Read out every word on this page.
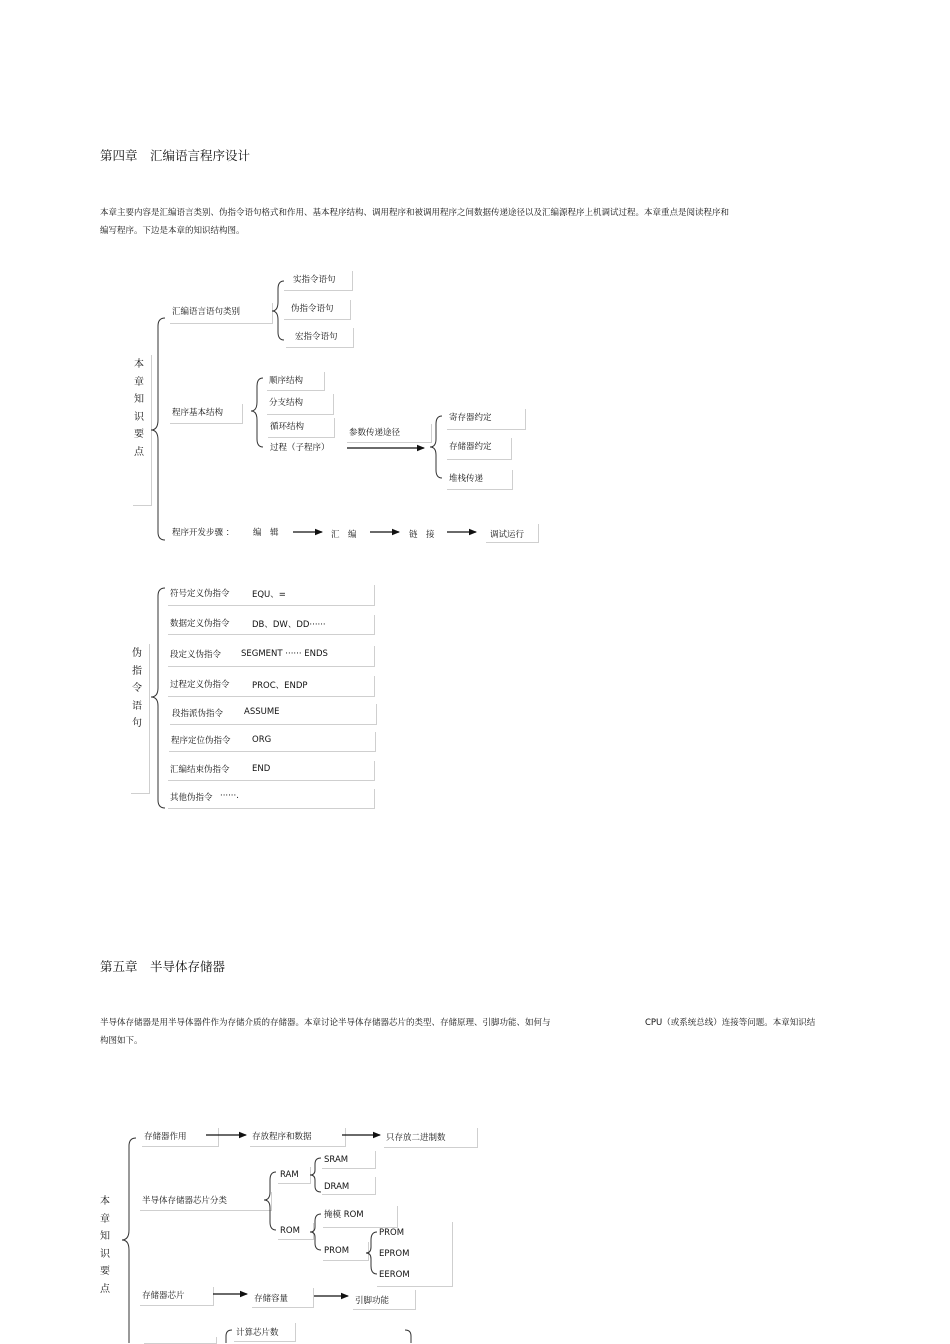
第四章　汇编语言程序设计
本章主要内容是汇编语言类别、伪指令语句格式和作用、基本程序结构、调用程序和被调用程序之间数据传递途径以及汇编源程序上机调试过程。本章重点是阅读程序和
编写程序。下边是本章的知识结构图。
本章知识要点
汇编语言语句类别
实指令语句
伪指令语句
宏指令语句
程序基本结构
顺序结构
分支结构
循环结构
过程（子程序）
参数传递途径
寄存器约定
存储器约定
堆栈传递
程序开发步骤 ： 编　辑	汇　编	链　接	调试运行
伪指令语句
符号定义伪指令	EQU、=
数据定义伪指令	DB、DW、DD······
段定义伪指令 SEGMENT ······ ENDS
过程定义伪指令	PROC、ENDP
段指派伪指令 ASSUME
程序定位伪指令	ORG
汇编结束伪指令	END
其他伪指令 ······.
第五章　半导体存储器
半导体存储器是用半导体器件作为存储介质的存储器。本章讨论半导体存储器芯片的类型、存储原理、引脚功能、如何与	CPU（或系统总线）连接等问题。本章知识结
构图如下。
本章知识要点
存储器作用	存放程序和数据	只存放二进制数
半导体存储器芯片分类
RAM
SRAM
DRAM
ROM
掩模 ROM
PROM
PROM
EPROM
EEROM
存储器芯片	存储容量	引脚功能
计算芯片数
